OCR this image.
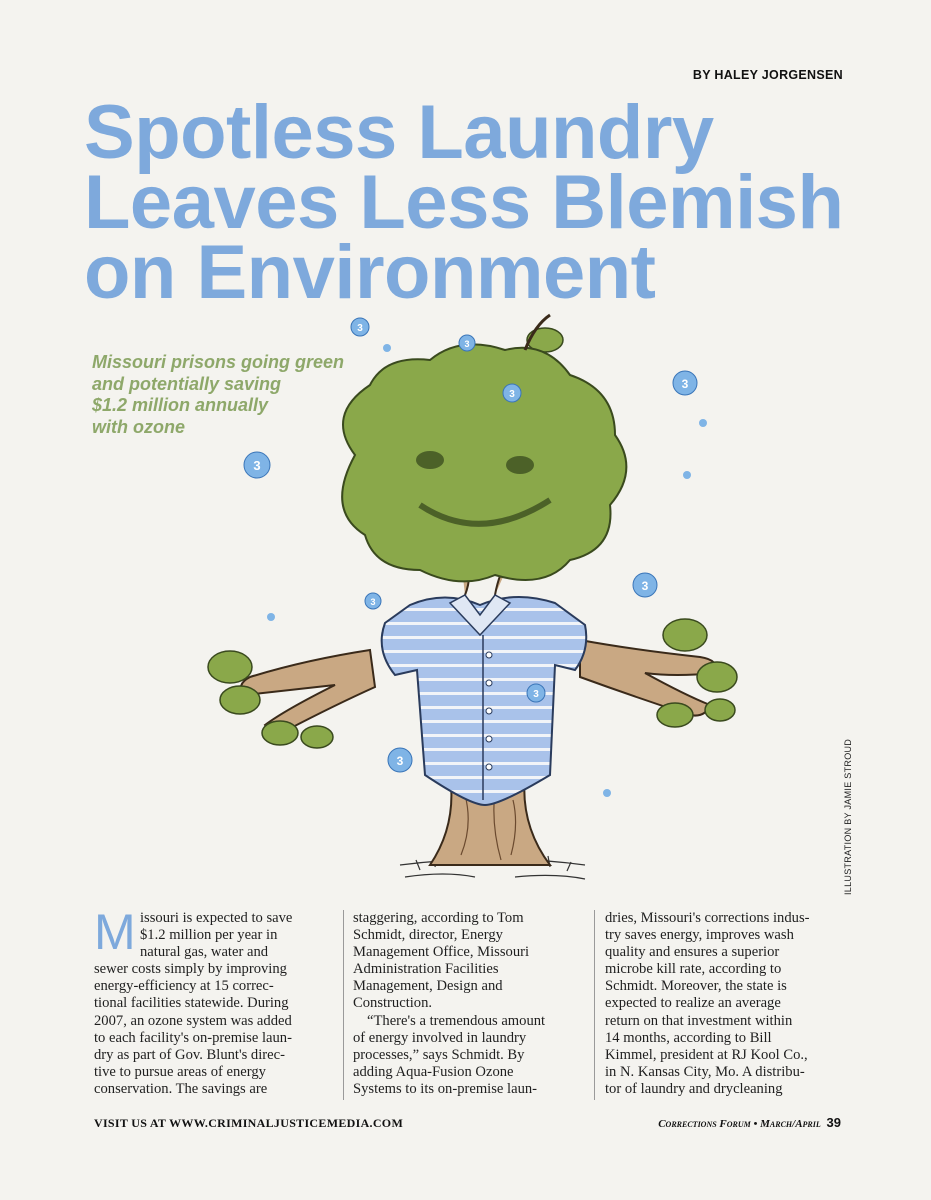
BY HALEY JORGENSEN
Spotless Laundry
Leaves Less Blemish
on Environment
Missouri prisons going green
and potentially saving
$1.2 million annually
with ozone
3
3
3
3
3
3
3
3
3	ILLUSTRATION BY JAMIE STROUD
M issouri is expected to save
$1.2 million per year in
natural gas, water and
sewer costs simply by improving
energy-efficiency at 15 correc-
tional facilities statewide. During
2007, an ozone system was added
to each facility's on-premise laun-
dry as part of Gov. Blunt's direc-
tive to pursue areas of energy
conservation. The savings are
staggering, according to Tom
Schmidt, director, Energy
Management Office, Missouri
Administration Facilities
Management, Design and
Construction.
“There's a tremendous amount
of energy involved in laundry
processes,” says Schmidt. By
adding Aqua-Fusion Ozone
Systems to its on-premise laun-
dries, Missouri's corrections indus-
try saves energy, improves wash
quality and ensures a superior
microbe kill rate, according to
Schmidt. Moreover, the state is
expected to realize an average
return on that investment within
14 months, according to Bill
Kimmel, president at RJ Kool Co.,
in N. Kansas City, Mo. A distribu-
tor of laundry and drycleaning
VISIT US AT WWW.CRIMINALJUSTICEMEDIA.COM	Corrections Forum • March/April 39
